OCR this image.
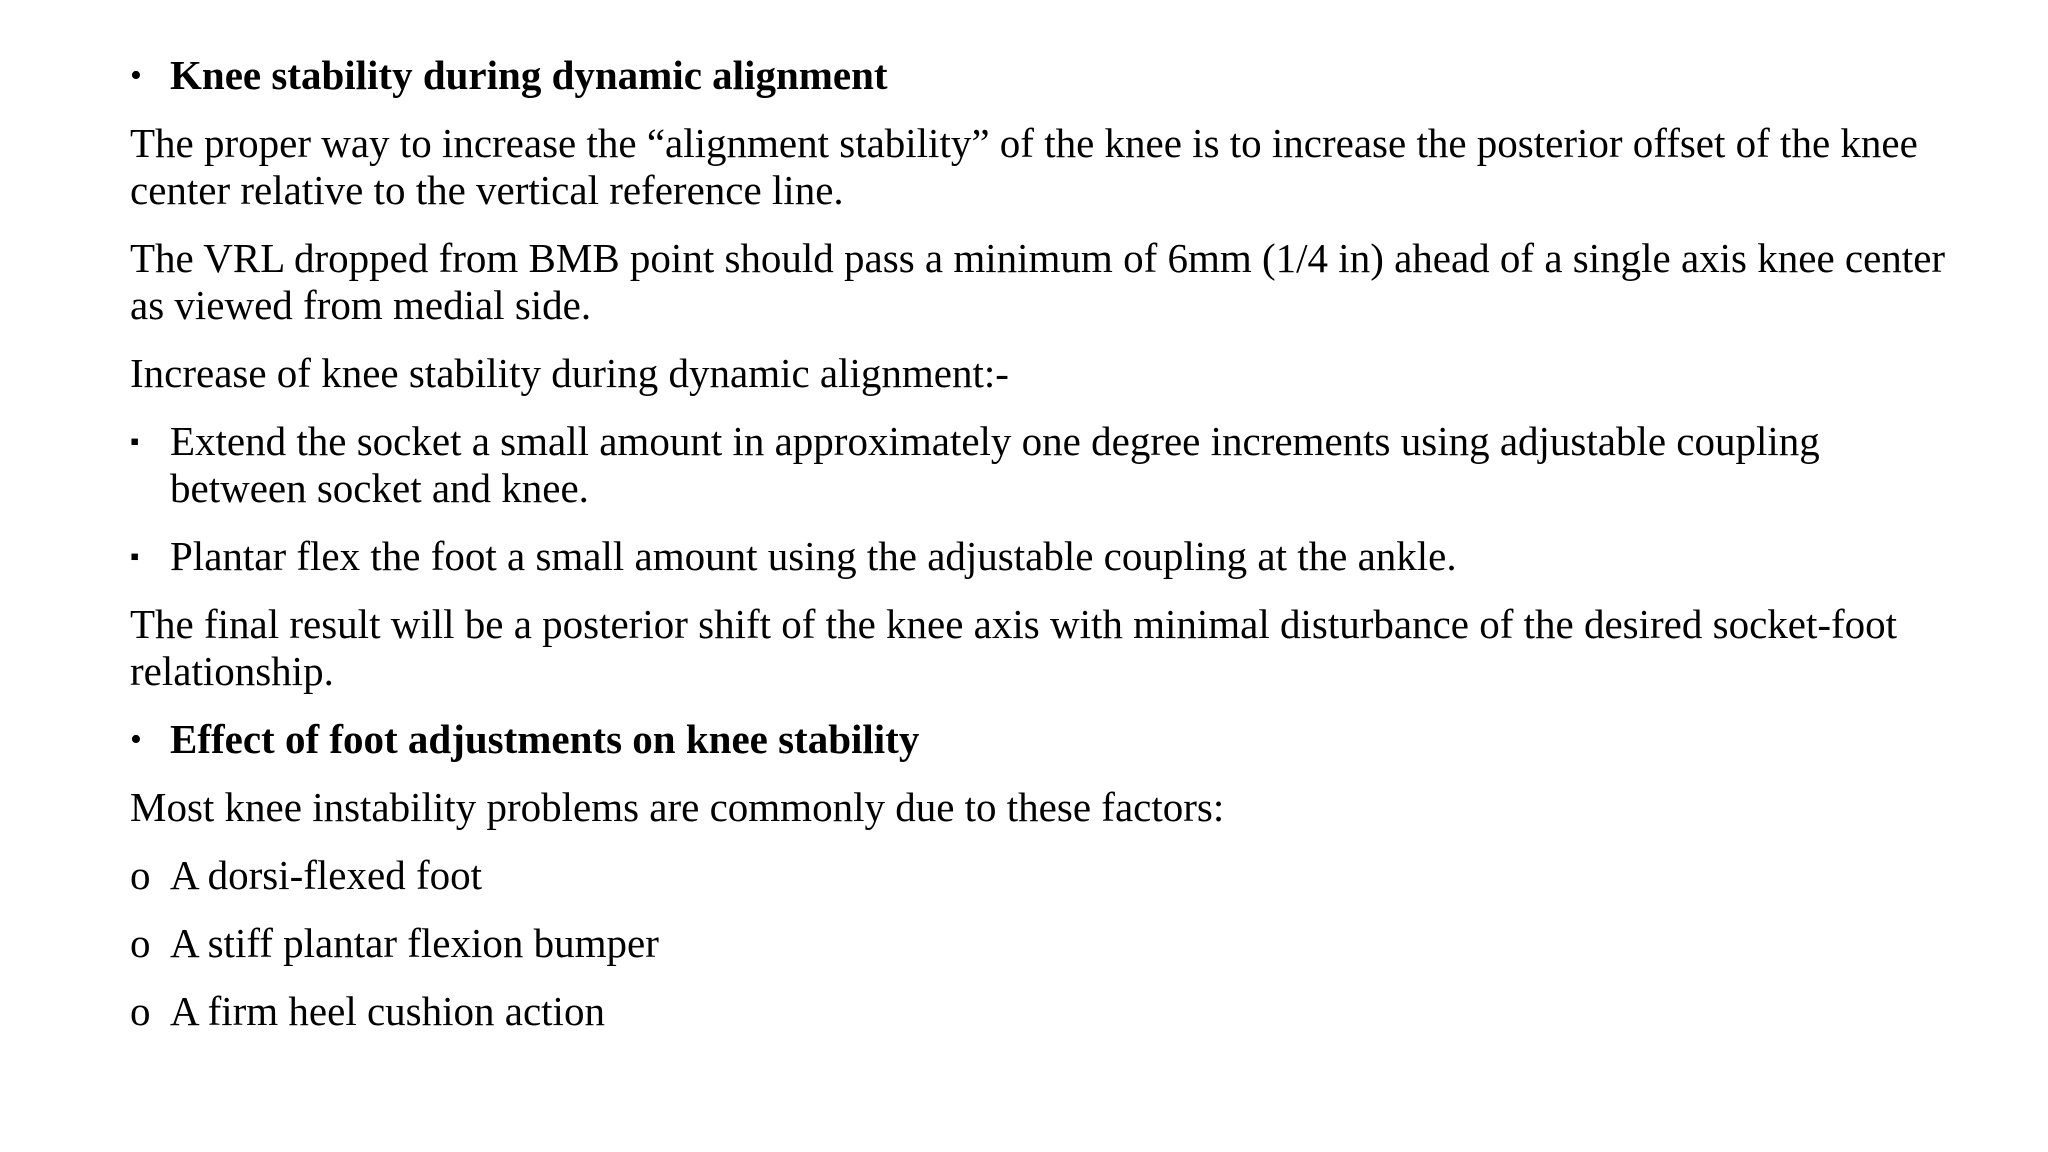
• Knee stability during dynamic alignment
The proper way to increase the “alignment stability” of the knee is to increase the posterior offset of the knee center relative to the vertical reference line.
The VRL dropped from BMB point should pass a minimum of 6mm (1/4 in) ahead of a single axis knee center as viewed from medial side.
Increase of knee stability during dynamic alignment:-
▪ Extend the socket a small amount in approximately one degree increments using adjustable coupling between socket and knee.
▪ Plantar flex the foot a small amount using the adjustable coupling at the ankle.
The final result will be a posterior shift of the knee axis with minimal disturbance of the desired socket-foot relationship.
• Effect of foot adjustments on knee stability
Most knee instability problems are commonly due to these factors:
o A dorsi-flexed foot
o A stiff plantar flexion bumper
o A firm heel cushion action
